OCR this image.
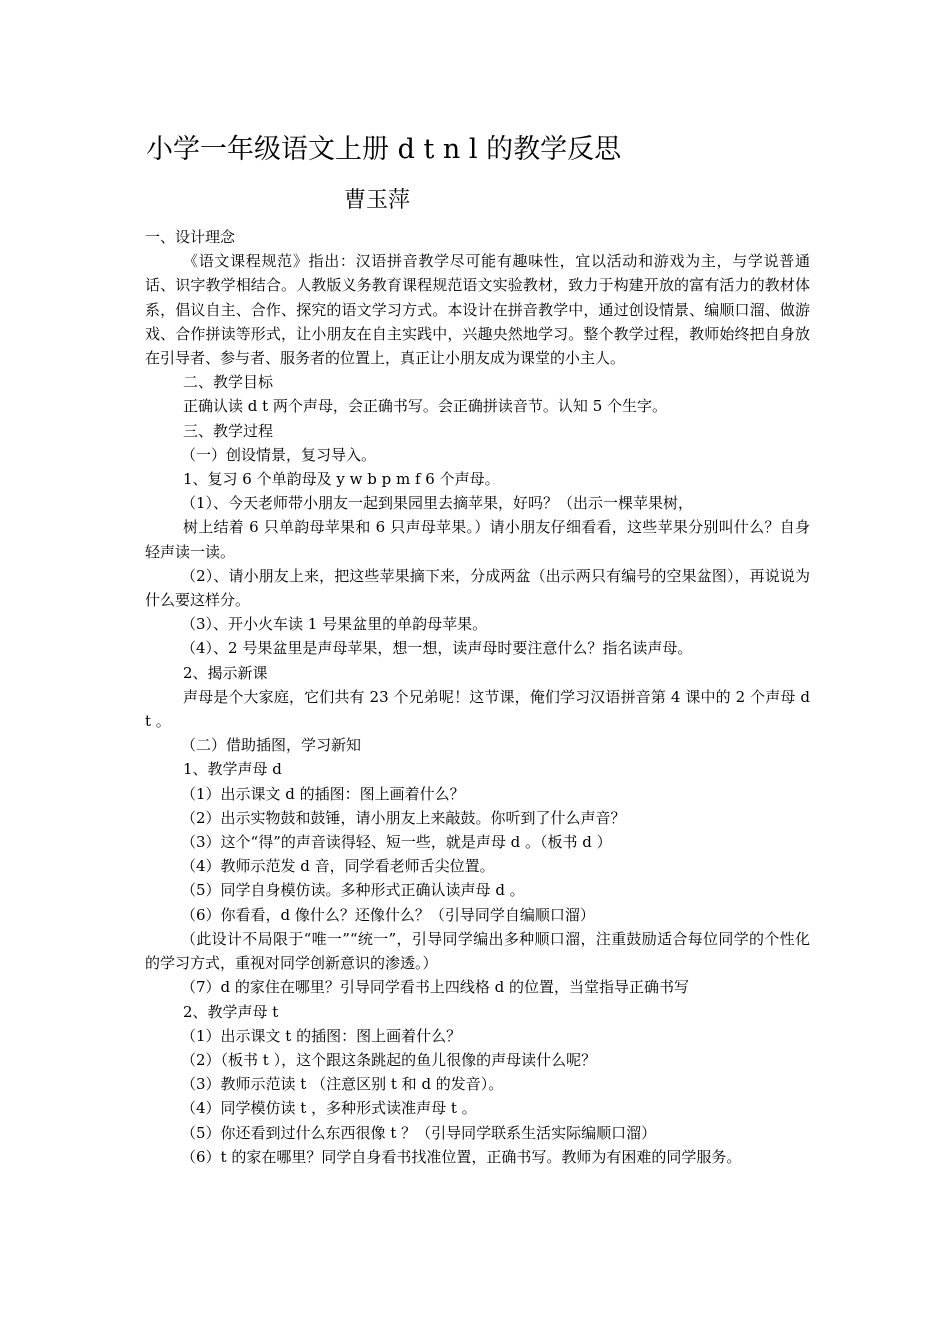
小学一年级语文上册 d t n l 的教学反思
曹玉萍

一、设计理念

《语文课程规范》指出：汉语拼音教学尽可能有趣味性，宜以活动和游戏为主，与学说普通话、识字教学相结合。人教版义务教育课程规范语文实验教材，致力于构建开放的富有活力的教材体系，倡议自主、合作、探究的语文学习方式。本设计在拼音教学中，通过创设情景、编顺口溜、做游戏、合作拼读等形式，让小朋友在自主实践中，兴趣央然地学习。整个教学过程，教师始终把自身放在引导者、参与者、服务者的位置上，真正让小朋友成为课堂的小主人。

二、教学目标

正确认读 d t 两个声母，会正确书写。会正确拼读音节。认知 5 个生字。

三、教学过程

（一）创设情景，复习导入。

1、复习 6 个单韵母及 y w b p m f 6 个声母。

（1）、今天老师带小朋友一起到果园里去摘苹果，好吗？（出示一棵苹果树，

树上结着 6 只单韵母苹果和 6 只声母苹果。）请小朋友仔细看看，这些苹果分别叫什么？自身轻声读一读。

（2）、请小朋友上来，把这些苹果摘下来，分成两盆（出示两只有编号的空果盆图），再说说为什么要这样分。

（3）、开小火车读 1 号果盆里的单韵母苹果。

（4）、2 号果盆里是声母苹果，想一想，读声母时要注意什么？指名读声母。

2、揭示新课

声母是个大家庭，它们共有 23 个兄弟呢！这节课，俺们学习汉语拼音第 4 课中的 2 个声母 d t 。

（二）借助插图，学习新知

1、教学声母 d

（1）出示课文 d 的插图：图上画着什么？

（2）出示实物鼓和鼓锤，请小朋友上来敲鼓。你听到了什么声音？

（3）这个“得”的声音读得轻、短一些，就是声母 d 。（板书 d ）

（4）教师示范发 d 音，同学看老师舌尖位置。

（5）同学自身模仿读。多种形式正确认读声母 d 。

（6）你看看，d 像什么？还像什么？（引导同学自编顺口溜）

（此设计不局限于“唯一”“统一”，引导同学编出多种顺口溜，注重鼓励适合每位同学的个性化的学习方式，重视对同学创新意识的渗透。）

（7）d 的家住在哪里？引导同学看书上四线格 d 的位置，当堂指导正确书写

2、教学声母 t

（1）出示课文 t 的插图：图上画着什么？

（2）（板书 t ），这个跟这条跳起的鱼儿很像的声母读什么呢？

（3）教师示范读 t （注意区别 t 和 d 的发音）。

（4）同学模仿读 t ，多种形式读准声母 t 。

（5）你还看到过什么东西很像 t ？（引导同学联系生活实际编顺口溜）

（6）t 的家在哪里？同学自身看书找准位置，正确书写。教师为有困难的同学服务。
